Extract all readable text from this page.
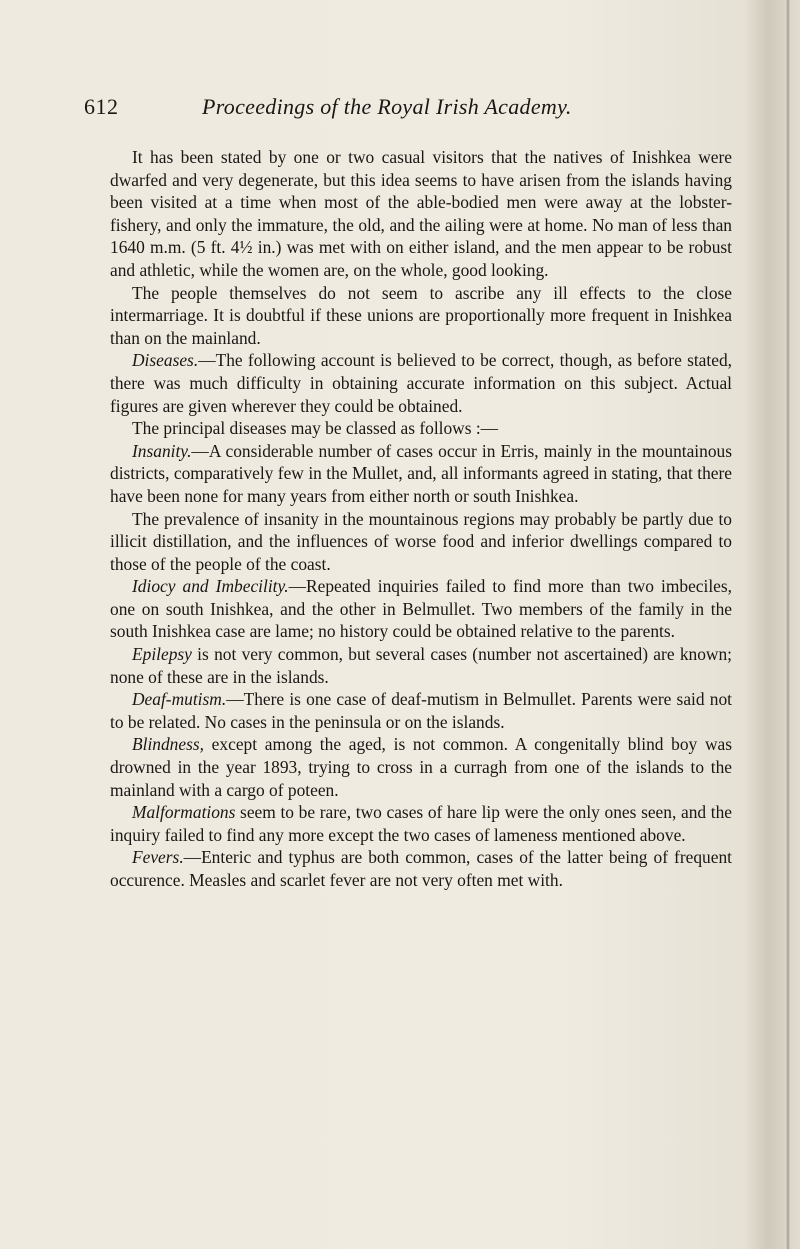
612	Proceedings of the Royal Irish Academy.

It has been stated by one or two casual visitors that the natives of Inishkea were dwarfed and very degenerate, but this idea seems to have arisen from the islands having been visited at a time when most of the able-bodied men were away at the lobster-fishery, and only the immature, the old, and the ailing were at home. No man of less than 1640 m.m. (5 ft. 4½ in.) was met with on either island, and the men appear to be robust and athletic, while the women are, on the whole, good looking.

The people themselves do not seem to ascribe any ill effects to the close intermarriage. It is doubtful if these unions are proportionally more frequent in Inishkea than on the mainland.

Diseases.—The following account is believed to be correct, though, as before stated, there was much difficulty in obtaining accurate information on this subject. Actual figures are given wherever they could be obtained.

The principal diseases may be classed as follows :—

Insanity.—A considerable number of cases occur in Erris, mainly in the mountainous districts, comparatively few in the Mullet, and, all informants agreed in stating, that there have been none for many years from either north or south Inishkea.

The prevalence of insanity in the mountainous regions may probably be partly due to illicit distillation, and the influences of worse food and inferior dwellings compared to those of the people of the coast.

Idiocy and Imbecility.—Repeated inquiries failed to find more than two imbeciles, one on south Inishkea, and the other in Belmullet. Two members of the family in the south Inishkea case are lame; no history could be obtained relative to the parents.

Epilepsy is not very common, but several cases (number not ascertained) are known; none of these are in the islands.

Deaf-mutism.—There is one case of deaf-mutism in Belmullet. Parents were said not to be related. No cases in the peninsula or on the islands.

Blindness, except among the aged, is not common. A congenitally blind boy was drowned in the year 1893, trying to cross in a curragh from one of the islands to the mainland with a cargo of poteen.

Malformations seem to be rare, two cases of hare lip were the only ones seen, and the inquiry failed to find any more except the two cases of lameness mentioned above.

Fevers.—Enteric and typhus are both common, cases of the latter being of frequent occurence. Measles and scarlet fever are not very often met with.
